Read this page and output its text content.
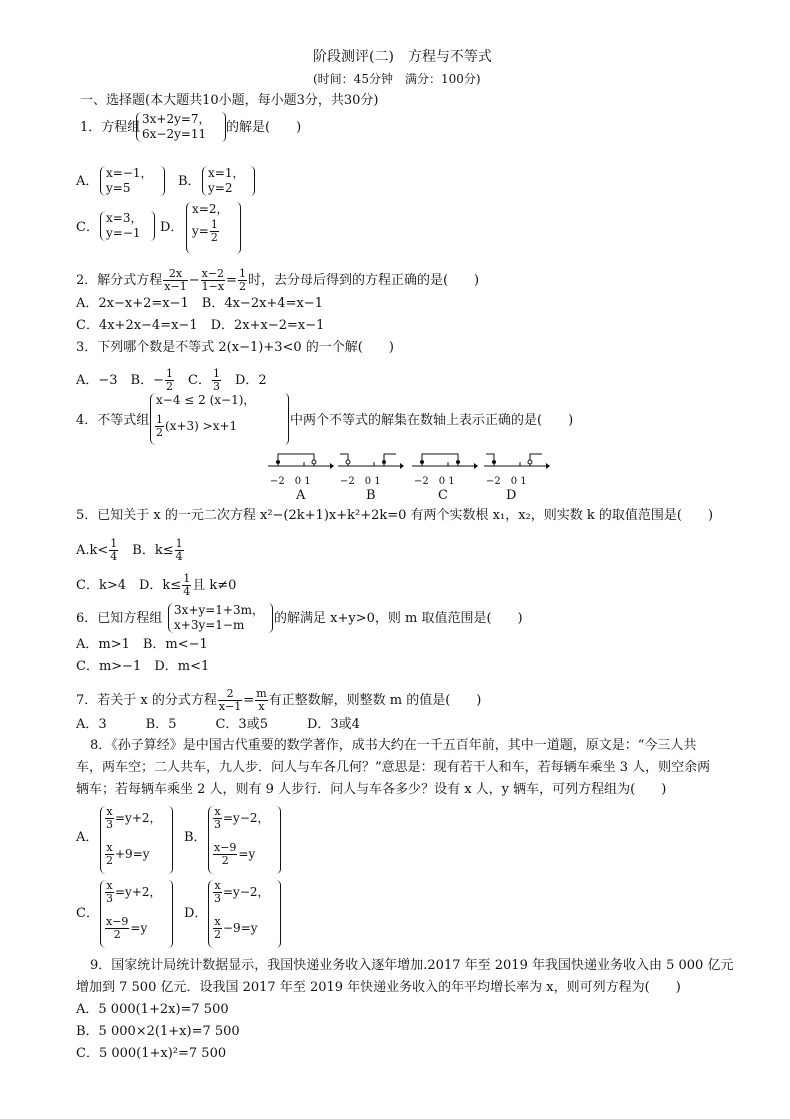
阶段测评(二)　方程与不等式
(时间：45分钟　满分：100分)
一、选择题(本大题共10小题，每小题3分，共30分)
1．方程组
3x+2y=7，
6x−2y=11 的解是(　　)
A．
x=−1，
y=5	B．
x=1，
y=2
C．
x=3，
y=−1 D．
x=2，
$y= \frac{1}{2}$
2．解分式方程 $\frac{2x}{x-1} - \frac{x-2}{1-x} = \frac{1}{2}$ 时，去分母后得到的方程正确的是(　　)
A．2x−x+2=x−1　B．4x−2x+4=x−1
C．4x+2x−4=x−1　D．2x+x−2=x−1
3．下列哪个数是不等式 2(x−1)+3<0 的一个解(　　)
A．−3　B．− $\frac{1}{2}$ 　C． $\frac{1}{3}$ 　D．2
4．不等式组
x−4 ≤ 2 (x−1)，
$\frac{1}{2} (x+3) >x+1$	中两个不等式的解集在数轴上表示正确的是(　　)
−2　0 1	−2　0 1	−2　0 1	−2　0 1
A	B	C	D
5．已知关于 x 的一元二次方程 x²−(2k+1)x+k²+2k=0 有两个实数根 x₁，x₂，则实数 k 的取值范围是(　　)
$A.k< \frac{1}{4}$ 　B．$k\le \frac{1}{4}$
C．k>4　D．$k\le \frac{1}{4}$ 且 k≠0
6．已知方程组
3x+y=1+3m，
x+3y=1−m 的解满足 x+y>0，则 m 取值范围是(　　)
A．m>1　B．m<−1
C．m>−1　D．m<1
7．若关于 x 的分式方程 $\frac{2}{x-1} = \frac{m}{x}$ 有正整数解，则整数 m 的值是(　　)
A．3　　　B．5　　　C．3或5　　　D．3或4
8．《孙子算经》是中国古代重要的数学著作，成书大约在一千五百年前，其中一道题，原文是：“今三人共
车，两车空；二人共车，九人步．问人与车各几何？”意思是：现有若干人和车，若每辆车乘坐 3 人，则空余两
辆车；若每辆车乘坐 2 人，则有 9 人步行．问人与车各多少？设有 x 人，y 辆车，可列方程组为(　　)
A．
$\frac{x}{3} =y+2$，
$\frac{x}{2} +9=y$
B．
$\frac{x}{3} =y-2$，
$\frac{x-9}{2} =y$
C．
$\frac{x}{3} =y+2$，
$\frac{x-9}{2} =y$
D．
$\frac{x}{3} =y-2$，
$\frac{x}{2} -9=y$
9．国家统计局统计数据显示，我国快递业务收入逐年增加.2017 年至 2019 年我国快递业务收入由 5 000 亿元
增加到 7 500 亿元．设我国 2017 年至 2019 年快递业务收入的年平均增长率为 x，则可列方程为(　　)
A．5 000(1+2x)=7 500
B．5 000×2(1+x)=7 500
C．5 000(1+x)²=7 500
